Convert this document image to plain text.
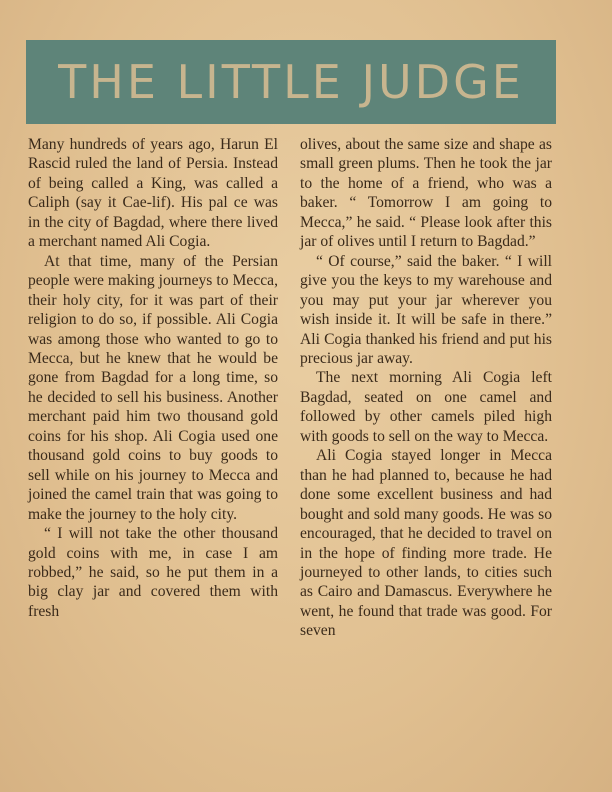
THE LITTLE JUDGE

Many hundreds of years ago, Harun El Rascid ruled the land of Persia. Instead of being called a King, was called a Caliph (say it Cae-lif). His pal ce was in the city of Bagdad, where there lived a merchant named Ali Cogia.

At that time, many of the Persian people were making journeys to Mecca, their holy city, for it was part of their religion to do so, if possible. Ali Cogia was among those who wanted to go to Mecca, but he knew that he would be gone from Bagdad for a long time, so he decided to sell his business. Another merchant paid him two thousand gold coins for his shop. Ali Cogia used one thousand gold coins to buy goods to sell while on his journey to Mecca and joined the camel train that was going to make the journey to the holy city.

“ I will not take the other thousand gold coins with me, in case I am robbed,” he said, so he put them in a big clay jar and covered them with fresh

olives, about the same size and shape as small green plums. Then he took the jar to the home of a friend, who was a baker. “ Tomorrow I am going to Mecca,” he said. “ Please look after this jar of olives until I return to Bagdad.”

“ Of course,” said the baker. “ I will give you the keys to my warehouse and you may put your jar wherever you wish inside it. It will be safe in there.” Ali Cogia thanked his friend and put his precious jar away.

The next morning Ali Cogia left Bagdad, seated on one camel and followed by other camels piled high with goods to sell on the way to Mecca.

Ali Cogia stayed longer in Mecca than he had planned to, because he had done some excellent business and had bought and sold many goods. He was so encouraged, that he decided to travel on in the hope of finding more trade. He journeyed to other lands, to cities such as Cairo and Damascus. Everywhere he went, he found that trade was good. For seven
